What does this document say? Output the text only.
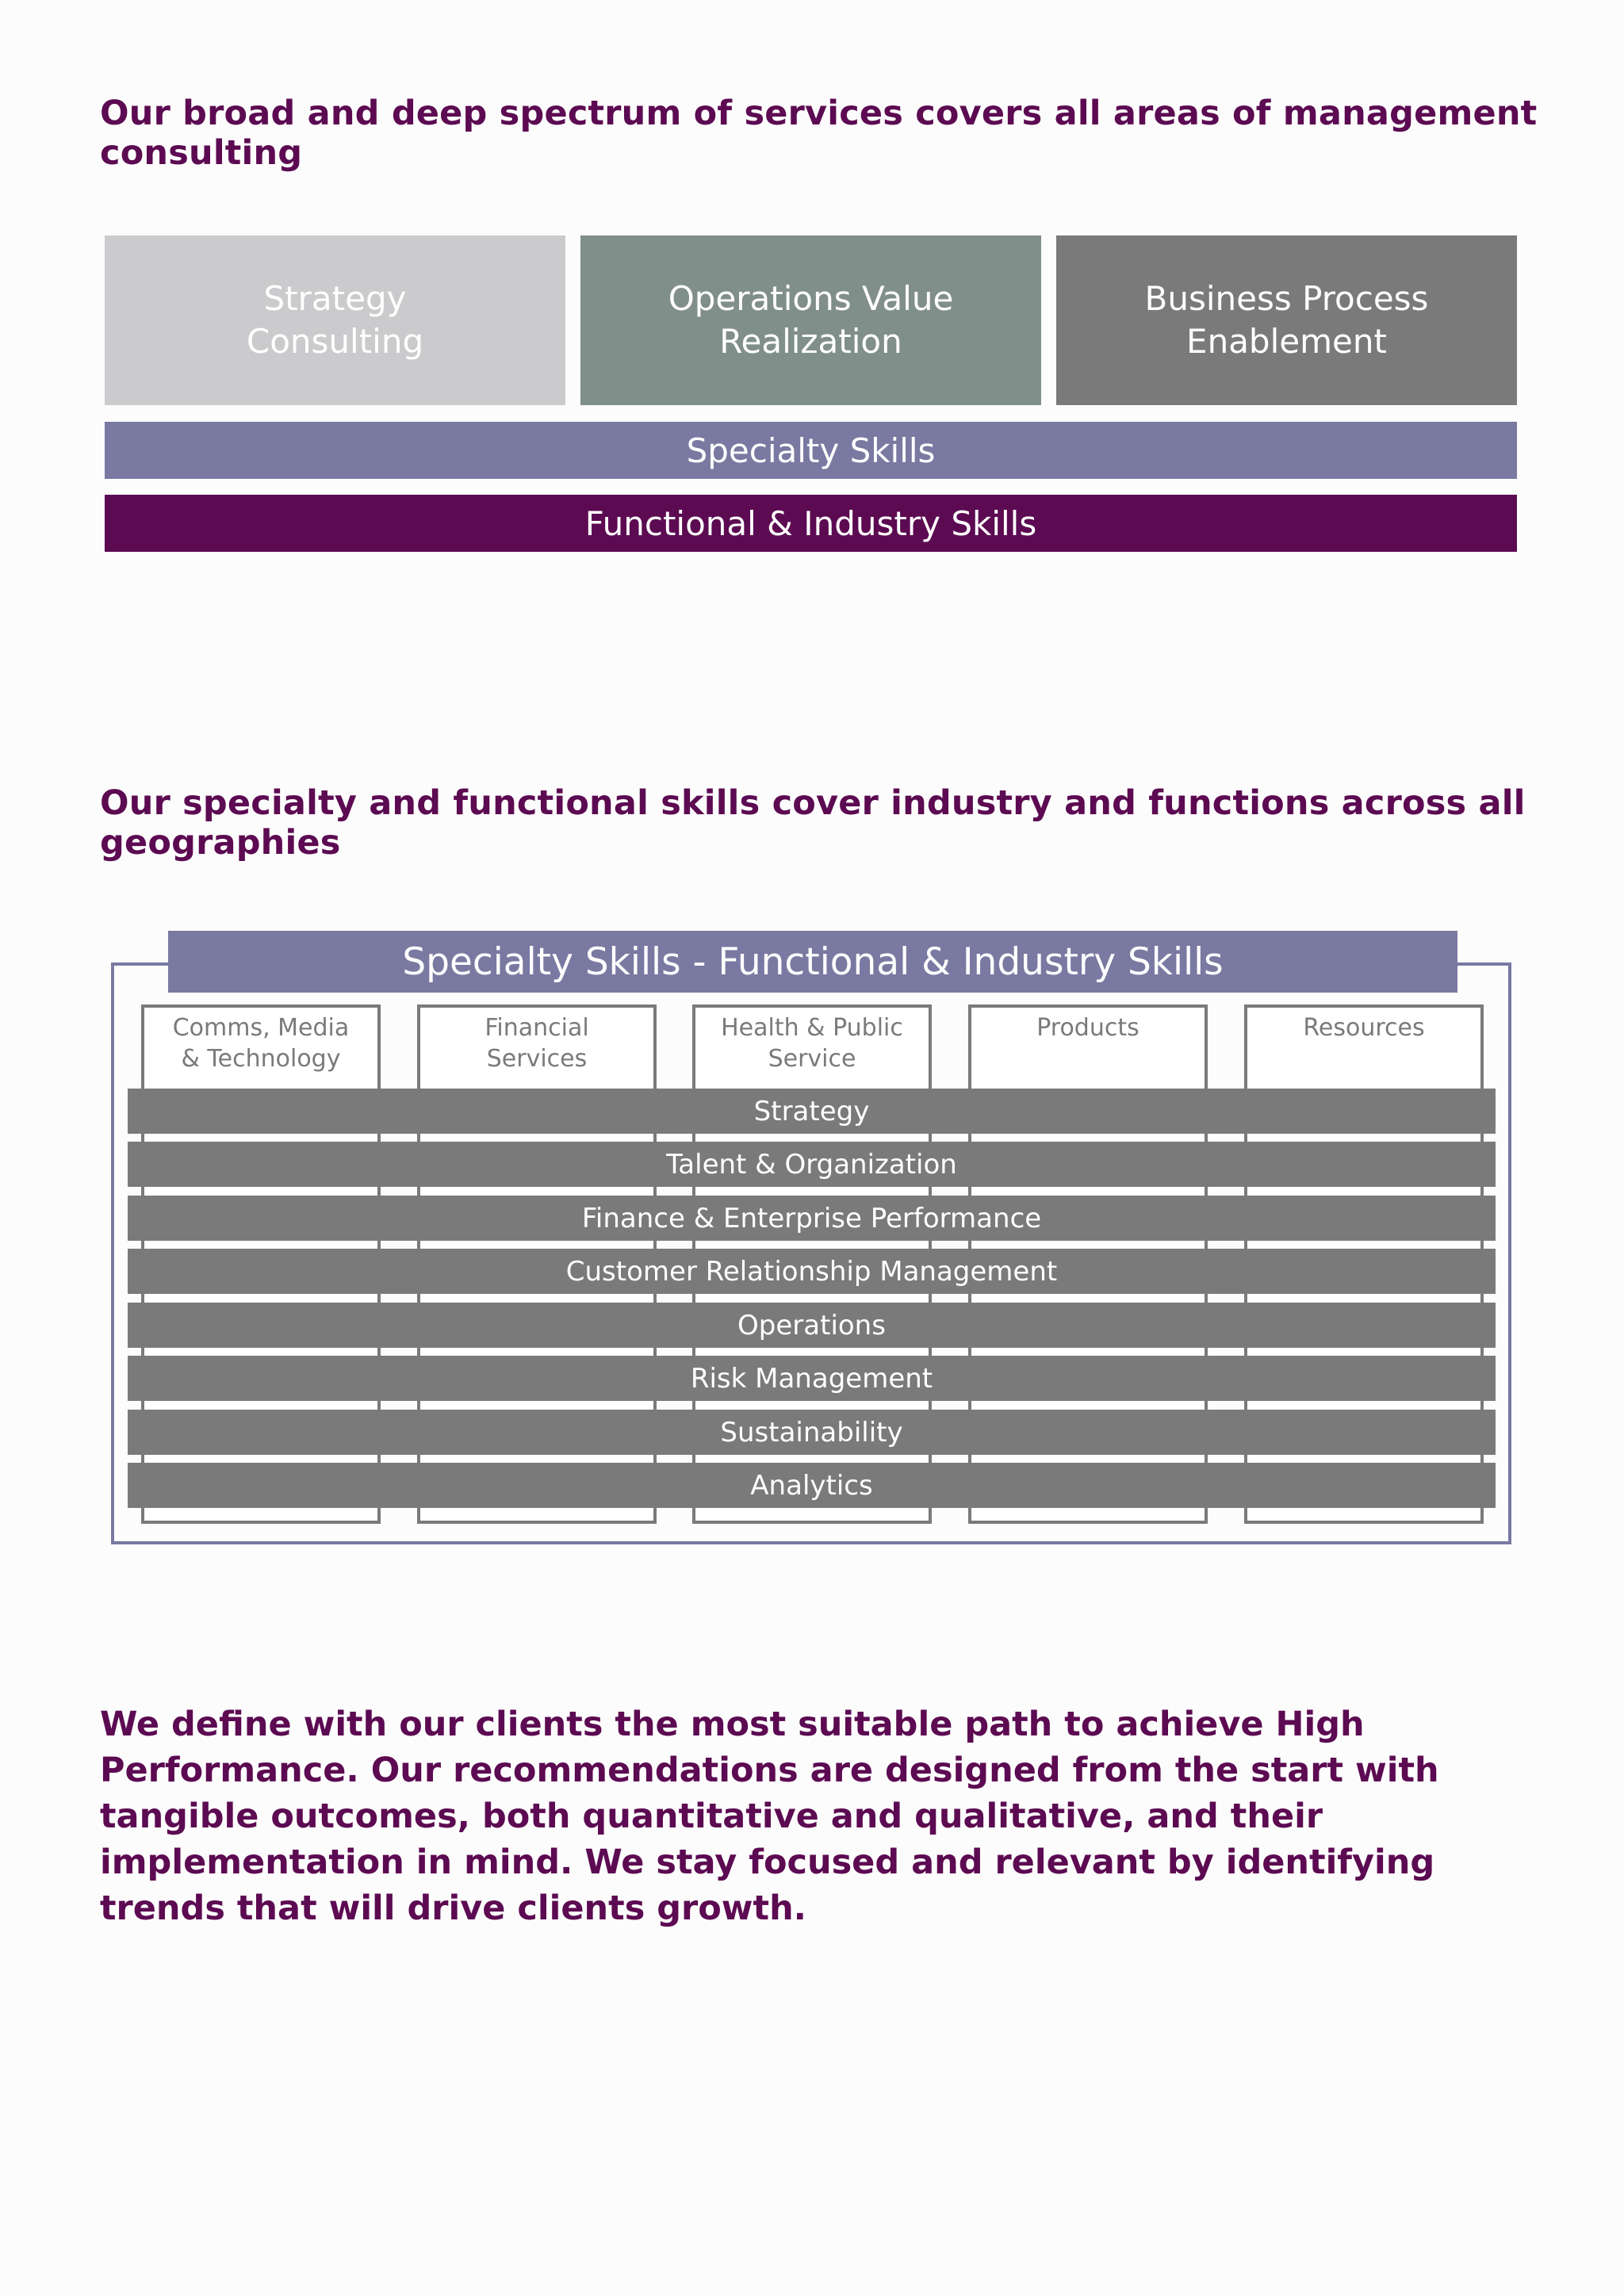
Our broad and deep spectrum of services covers all areas of management consulting
Strategy
Consulting
Operations Value
Realization
Business Process
Enablement
Specialty Skills
Functional & Industry Skills
Our specialty and functional skills cover industry and functions across all geographies
Comms, Media
& Technology
Financial
Services
Health & Public
Service
Products	Resources
Specialty Skills - Functional & Industry Skills
Strategy
Talent & Organization
Finance & Enterprise Performance
Customer Relationship Management
Operations
Risk Management
Sustainability
Analytics

We define with our clients the most suitable path to achieve High Performance. Our recommendations are designed from the start with tangible outcomes, both quantitative and qualitative, and their implementation in mind. We stay focused and relevant by identifying trends that will drive clients growth.
